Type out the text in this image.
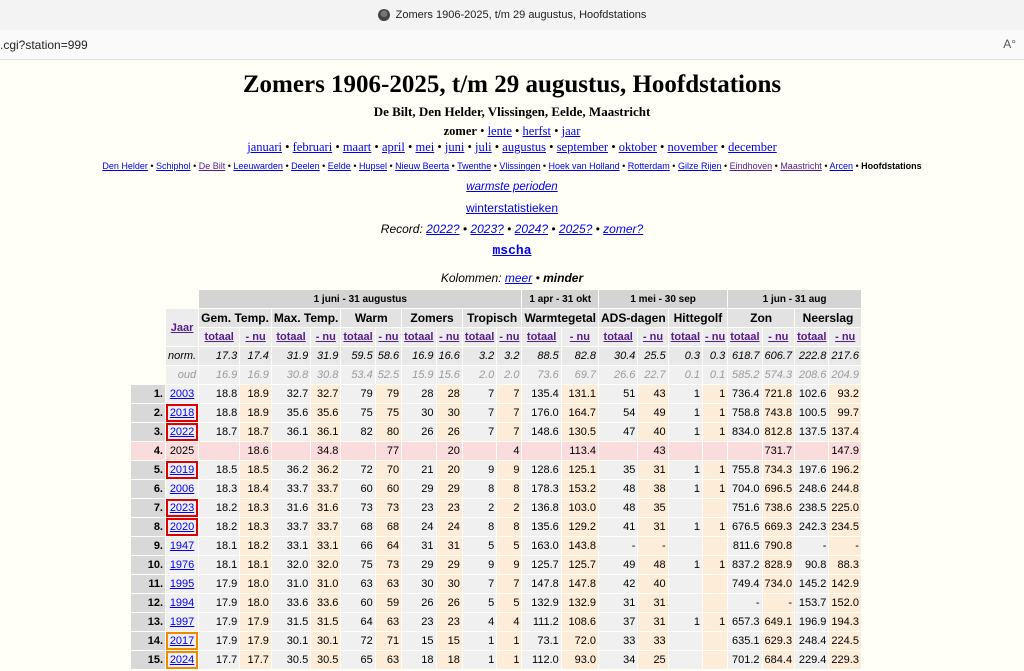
Zomers 1906-2025, t/m 29 augustus, Hoofdstations
.cgi?station=999	A°
Zomers 1906-2025, t/m 29 augustus, Hoofdstations
De Bilt, Den Helder, Vlissingen, Eelde, Maastricht
zomer • lente • herfst • jaar
januari • februari • maart • april • mei • juni • juli • augustus • september • oktober • november • december
Den Helder • Schiphol • De Bilt • Leeuwarden • Deelen • Eelde • Hupsel • Nieuw Beerta • Twenthe • Vlissingen • Hoek van Holland • Rotterdam • Gilze Rijen • Eindhoven • Maastricht • Arcen • Hoofdstations
warmste perioden
winterstatistieken
Record: 2022? • 2023? • 2024? • 2025? • zomer?
mscha
Kolommen: meer • minder
		1 juni - 31 augustus										1 apr - 31 okt		1 mei - 30 sep				1 jun - 31 aug			
	Jaar	Gem. Temp.		Max. Temp.		Warm		Zomers		Tropisch		Warmtegetal		ADS-dagen		Hittegolf		Zon		Neerslag	
		totaal	- nu	totaal	- nu	totaal	- nu	totaal	- nu	totaal	- nu	totaal	- nu	totaal	- nu	totaal	- nu	totaal	- nu	totaal	- nu
	norm.	17.3	17.4	31.9	31.9	59.5	58.6	16.9	16.6	3.2	3.2	88.5	82.8	30.4	25.5	0.3	0.3	618.7	606.7	222.8	217.6
	oud	16.9	16.9	30.8	30.8	53.4	52.5	15.9	15.6	2.0	2.0	73.6	69.7	26.6	22.7	0.1	0.1	585.2	574.3	208.6	204.9
1.	2003	18.8	18.9	32.7	32.7	79	79	28	28	7	7	135.4	131.1	51	43	1	1	736.4	721.8	102.6	93.2
2.	2018	18.8	18.9	35.6	35.6	75	75	30	30	7	7	176.0	164.7	54	49	1	1	758.8	743.8	100.5	99.7
3.	2022	18.7	18.7	36.1	36.1	82	80	26	26	7	7	148.6	130.5	47	40	1	1	834.0	812.8	137.5	137.4
4.	2025		18.6		34.8		77		20		4		113.4		43				731.7		147.9
5.	2019	18.5	18.5	36.2	36.2	72	70	21	20	9	9	128.6	125.1	35	31	1	1	755.8	734.3	197.6	196.2
6.	2006	18.3	18.4	33.7	33.7	60	60	29	29	8	8	178.3	153.2	48	38	1	1	704.0	696.5	248.6	244.8
7.	2023	18.2	18.3	31.6	31.6	73	73	23	23	2	2	136.8	103.0	48	35			751.6	738.6	238.5	225.0
8.	2020	18.2	18.3	33.7	33.7	68	68	24	24	8	8	135.6	129.2	41	31	1	1	676.5	669.3	242.3	234.5
9.	1947	18.1	18.2	33.1	33.1	66	64	31	31	5	5	163.0	143.8	-	-			811.6	790.8	-	-
10.	1976	18.1	18.1	32.0	32.0	75	73	29	29	9	9	125.7	125.7	49	48	1	1	837.2	828.9	90.8	88.3
11.	1995	17.9	18.0	31.0	31.0	63	63	30	30	7	7	147.8	147.8	42	40			749.4	734.0	145.2	142.9
12.	1994	17.9	18.0	33.6	33.6	60	59	26	26	5	5	132.9	132.9	31	31			-	-	153.7	152.0
13.	1997	17.9	17.9	31.5	31.5	64	63	23	23	4	4	111.2	108.6	37	31	1	1	657.3	649.1	196.9	194.3
14.	2017	17.9	17.9	30.1	30.1	72	71	15	15	1	1	73.1	72.0	33	33			635.1	629.3	248.4	224.5
15.	2024	17.7	17.7	30.5	30.5	65	63	18	18	1	1	112.0	93.0	34	25			701.2	684.4	229.4	229.3
